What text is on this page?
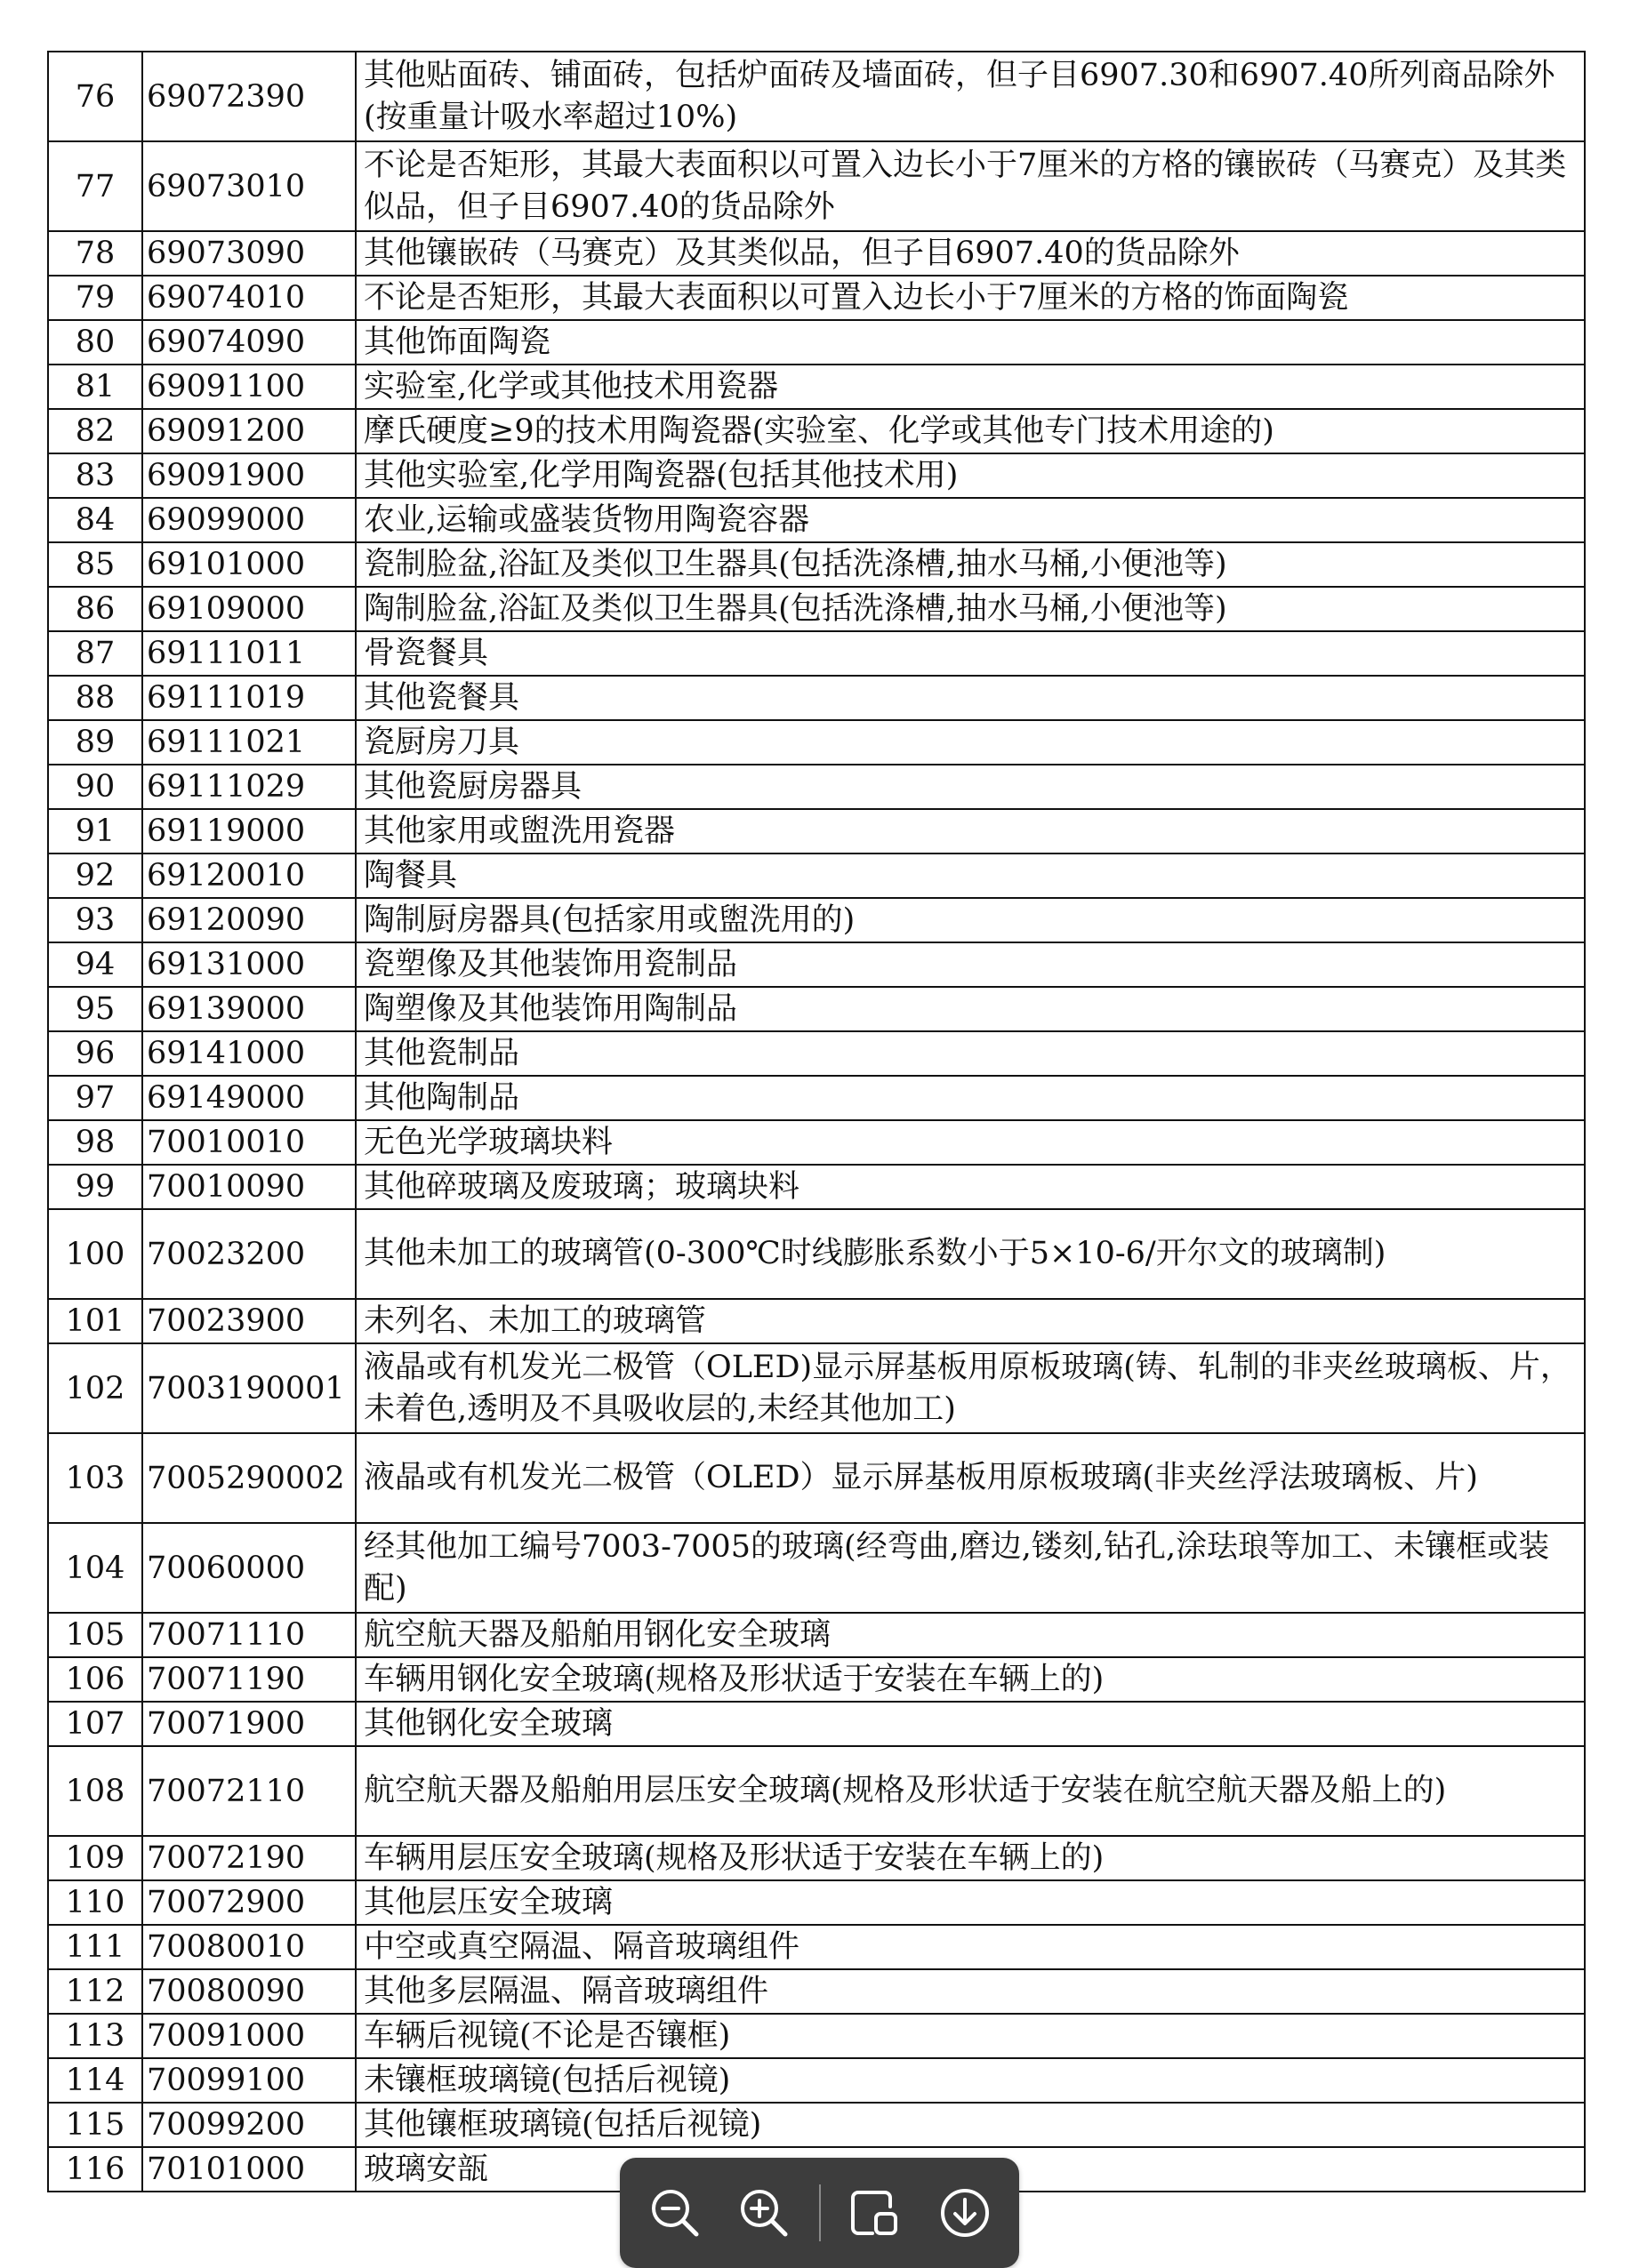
76	69072390	其他贴面砖、铺面砖，包括炉面砖及墙面砖，但子目6907.30和6907.40所列商品除外(按重量计吸水率超过10%)
77	69073010	不论是否矩形，其最大表面积以可置入边长小于7厘米的方格的镶嵌砖（马赛克）及其类似品，但子目6907.40的货品除外
78	69073090	其他镶嵌砖（马赛克）及其类似品，但子目6907.40的货品除外
79	69074010	不论是否矩形，其最大表面积以可置入边长小于7厘米的方格的饰面陶瓷
80	69074090	其他饰面陶瓷
81	69091100	实验室,化学或其他技术用瓷器
82	69091200	摩氏硬度≥9的技术用陶瓷器(实验室、化学或其他专门技术用途的)
83	69091900	其他实验室,化学用陶瓷器(包括其他技术用)
84	69099000	农业,运输或盛装货物用陶瓷容器
85	69101000	瓷制脸盆,浴缸及类似卫生器具(包括洗涤槽,抽水马桶,小便池等)
86	69109000	陶制脸盆,浴缸及类似卫生器具(包括洗涤槽,抽水马桶,小便池等)
87	69111011	骨瓷餐具
88	69111019	其他瓷餐具
89	69111021	瓷厨房刀具
90	69111029	其他瓷厨房器具
91	69119000	其他家用或盥洗用瓷器
92	69120010	陶餐具
93	69120090	陶制厨房器具(包括家用或盥洗用的)
94	69131000	瓷塑像及其他装饰用瓷制品
95	69139000	陶塑像及其他装饰用陶制品
96	69141000	其他瓷制品
97	69149000	其他陶制品
98	70010010	无色光学玻璃块料
99	70010090	其他碎玻璃及废玻璃；玻璃块料
100	70023200	其他未加工的玻璃管(0-300℃时线膨胀系数小于5×10-6/开尔文的玻璃制)
101	70023900	未列名、未加工的玻璃管
102	7003190001	液晶或有机发光二极管（OLED)显示屏基板用原板玻璃(铸、轧制的非夹丝玻璃板、片，未着色,透明及不具吸收层的,未经其他加工)
103	7005290002	液晶或有机发光二极管（OLED）显示屏基板用原板玻璃(非夹丝浮法玻璃板、片)
104	70060000	经其他加工编号7003-7005的玻璃(经弯曲,磨边,镂刻,钻孔,涂珐琅等加工、未镶框或装配)
105	70071110	航空航天器及船舶用钢化安全玻璃
106	70071190	车辆用钢化安全玻璃(规格及形状适于安装在车辆上的)
107	70071900	其他钢化安全玻璃
108	70072110	航空航天器及船舶用层压安全玻璃(规格及形状适于安装在航空航天器及船上的)
109	70072190	车辆用层压安全玻璃(规格及形状适于安装在车辆上的)
110	70072900	其他层压安全玻璃
111	70080010	中空或真空隔温、隔音玻璃组件
112	70080090	其他多层隔温、隔音玻璃组件
113	70091000	车辆后视镜(不论是否镶框)
114	70099100	未镶框玻璃镜(包括后视镜)
115	70099200	其他镶框玻璃镜(包括后视镜)
116	70101000	玻璃安瓿
